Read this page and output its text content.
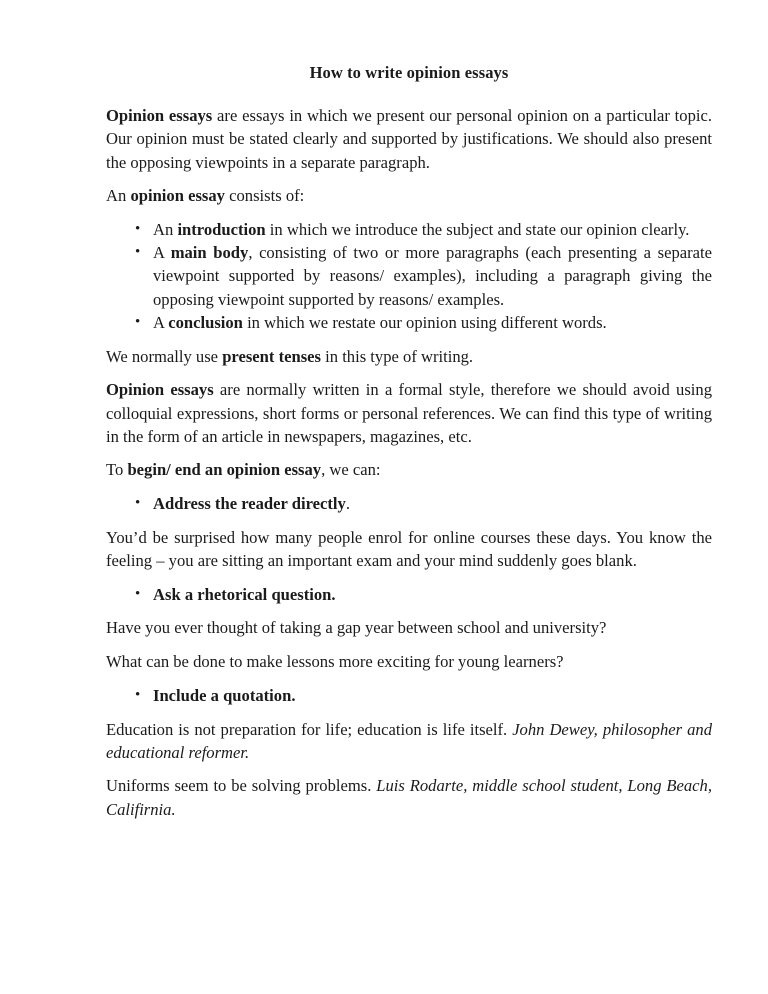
How to write opinion essays

Opinion essays are essays in which we present our personal opinion on a particular topic. Our opinion must be stated clearly and supported by justifications. We should also present the opposing viewpoints in a separate paragraph.

An opinion essay consists of:

• An introduction in which we introduce the subject and state our opinion clearly.
• A main body, consisting of two or more paragraphs (each presenting a separate viewpoint supported by reasons/ examples), including a paragraph giving the opposing viewpoint supported by reasons/ examples.
• A conclusion in which we restate our opinion using different words.

We normally use present tenses in this type of writing.

Opinion essays are normally written in a formal style, therefore we should avoid using colloquial expressions, short forms or personal references. We can find this type of writing in the form of an article in newspapers, magazines, etc.

To begin/ end an opinion essay, we can:

• Address the reader directly.

You’d be surprised how many people enrol for online courses these days. You know the feeling – you are sitting an important exam and your mind suddenly goes blank.

• Ask a rhetorical question.

Have you ever thought of taking a gap year between school and university?

What can be done to make lessons more exciting for young learners?

• Include a quotation.

Education is not preparation for life; education is life itself. John Dewey, philosopher and educational reformer.

Uniforms seem to be solving problems. Luis Rodarte, middle school student, Long Beach, Califirnia.
